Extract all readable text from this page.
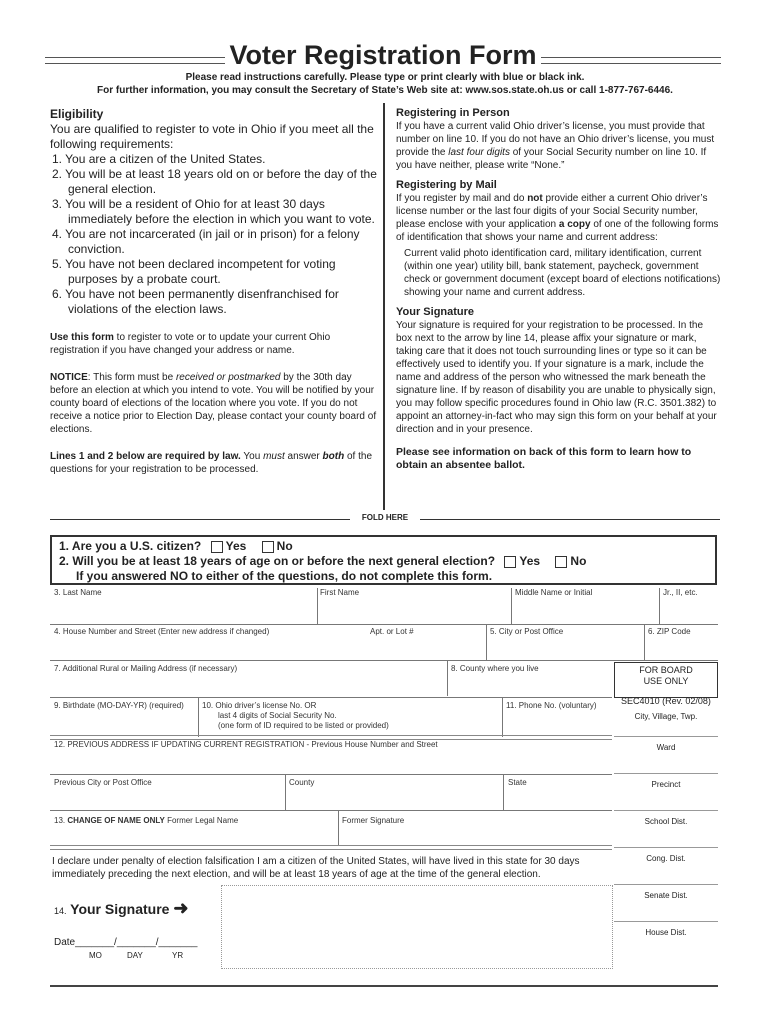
Voter Registration Form
Please read instructions carefully. Please type or print clearly with blue or black ink.
For further information, you may consult the Secretary of State’s Web site at: www.sos.state.oh.us or call 1-877-767-6446.
Eligibility
You are qualified to register to vote in Ohio if you meet all the following requirements:
1. You are a citizen of the United States.
2. You will be at least 18 years old on or before the day of the general election.
3. You will be a resident of Ohio for at least 30 days immediately before the election in which you want to vote.
4. You are not incarcerated (in jail or in prison) for a felony conviction.
5. You have not been declared incompetent for voting purposes by a probate court.
6. You have not been permanently disenfranchised for violations of the election laws.
Use this form to register to vote or to update your current Ohio registration if you have changed your address or name.
NOTICE: This form must be received or postmarked by the 30th day before an election at which you intend to vote. You will be notified by your county board of elections of the location where you vote. If you do not receive a notice prior to Election Day, please contact your county board of elections.
Lines 1 and 2 below are required by law. You must answer both of the questions for your registration to be processed.
Registering in Person

If you have a current valid Ohio driver’s license, you must provide that number on line 10. If you do not have an Ohio driver’s license, you must provide the last four digits of your Social Security number on line 10. If you have neither, please write “None.”

Registering by Mail

If you register by mail and do not provide either a current Ohio driver’s license number or the last four digits of your Social Security number, please enclose with your application a copy of one of the following forms of identification that shows your name and current address:

Current valid photo identification card, military identification, current (within one year) utility bill, bank statement, paycheck, government check or government document (except board of elections notifications) showing your name and current address.

Your Signature

Your signature is required for your registration to be processed. In the box next to the arrow by line 14, please affix your signature or mark, taking care that it does not touch surrounding lines or type so it can be effectively used to identify you. If your signature is a mark, include the name and address of the person who witnessed the mark beneath the signature line. If by reason of disability you are unable to physically sign, you may follow specific procedures found in Ohio law (R.C. 3501.382) to appoint an attorney-in-fact who may sign this form on your behalf at your direction and in your presence.

Please see information on back of this form to learn how to obtain an absentee ballot.

FOLD HERE
1. Are you a U.S. citizen? Yes	No
2. Will you be at least 18 years of age on or before the next general election? Yes	No
If you answered NO to either of the questions, do not complete this form.
3. Last Name	First Name	Middle Name or Initial	Jr., II, etc.
4. House Number and Street (Enter new address if changed)	Apt. or Lot #	5. City or Post Office	6. ZIP Code
7. Additional Rural or Mailing Address (if necessary)	8. County where you live
9. Birthdate (MO-DAY-YR) (required) 10. Ohio driver’s license No. OR
last 4 digits of Social Security No.
(one form of ID required to be listed or provided)
11. Phone No. (voluntary)
12. PREVIOUS ADDRESS IF UPDATING CURRENT REGISTRATION - Previous House Number and Street
Previous City or Post Office	County	State
13. CHANGE OF NAME ONLY Former Legal Name	Former Signature
FOR BOARD USE ONLY
SEC4010 (Rev. 02/08)
City, Village, Twp.
Ward
Precinct
School Dist.
Cong. Dist.
Senate Dist.
House Dist.
I declare under penalty of election falsification I am a citizen of the United States, will have lived in this state for 30 days immediately preceding the next election, and will be at least 18 years of age at the time of the general election.
14. Your Signature ➜
Date_______/_______/_______
MO	DAY	YR
